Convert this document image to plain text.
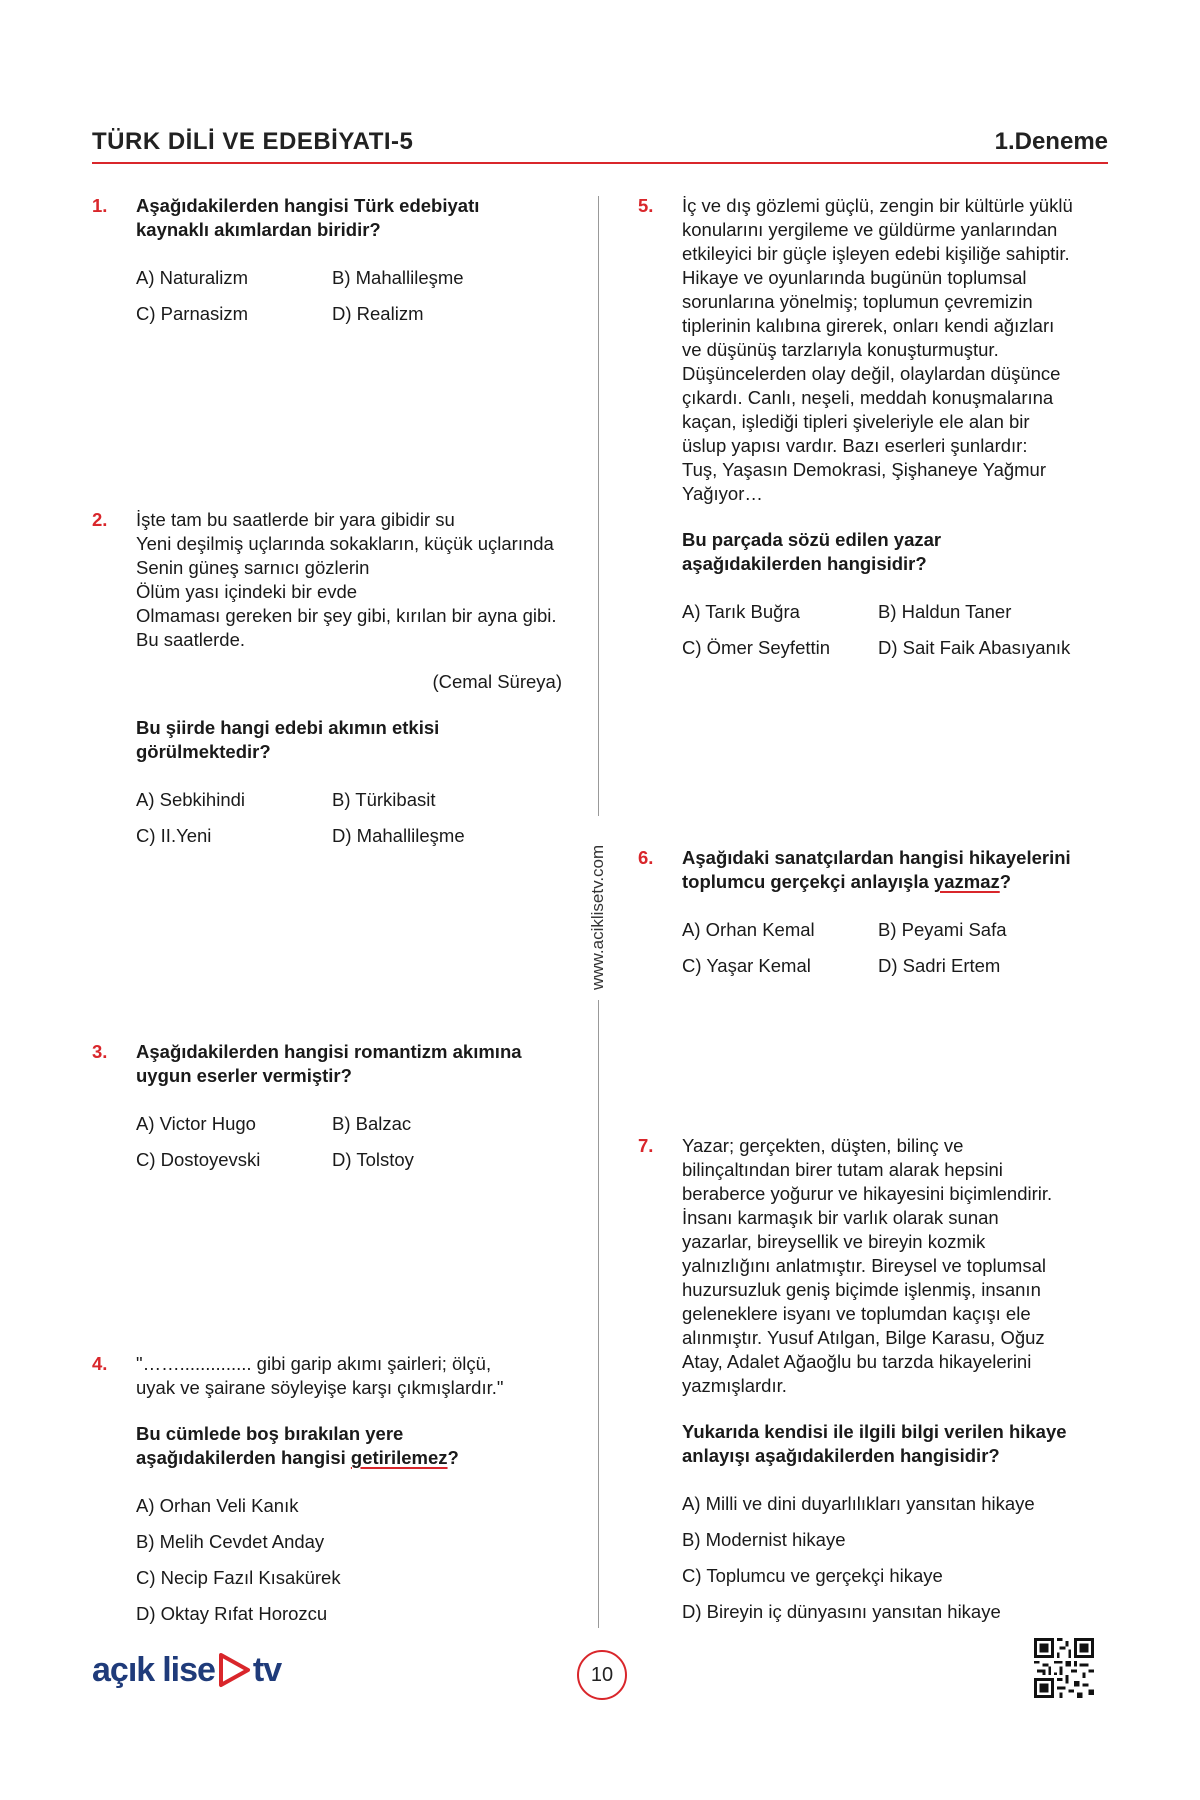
TÜRK DİLİ VE EDEBİYATI-5	1.Deneme
www.aciklisetv.com
1. Aşağıdakilerden hangisi Türk edebiyatı
kaynaklı akımlardan biridir?
A) Naturalizm	B) Mahallileşme
C) Parnasizm	D) Realizm
2. İşte tam bu saatlerde bir yara gibidir su
Yeni deşilmiş uçlarında sokakların, küçük uçlarında
Senin güneş sarnıcı gözlerin
Ölüm yası içindeki bir evde
Olmaması gereken bir şey gibi, kırılan bir ayna gibi.
Bu saatlerde.
(Cemal Süreya)
Bu şiirde hangi edebi akımın etkisi
görülmektedir?
A) Sebkihindi	B) Türkibasit
C) II.Yeni	D) Mahallileşme
3. Aşağıdakilerden hangisi romantizm akımına
uygun eserler vermiştir?
A) Victor Hugo	B) Balzac
C) Dostoyevski	D) Tolstoy
4. "…….............. gibi garip akımı şairleri; ölçü,
uyak ve şairane söyleyişe karşı çıkmışlardır."
Bu cümlede boş bırakılan yere
aşağıdakilerden hangisi getirilemez?
A) Orhan Veli Kanık
B) Melih Cevdet Anday
C) Necip Fazıl Kısakürek
D) Oktay Rıfat Horozcu
5. İç ve dış gözlemi güçlü, zengin bir kültürle yüklü
konularını yergileme ve güldürme yanlarından
etkileyici bir güçle işleyen edebi kişiliğe sahiptir.
Hikaye ve oyunlarında bugünün toplumsal
sorunlarına yönelmiş; toplumun çevremizin
tiplerinin kalıbına girerek, onları kendi ağızları
ve düşünüş tarzlarıyla konuşturmuştur.
Düşüncelerden olay değil, olaylardan düşünce
çıkardı. Canlı, neşeli, meddah konuşmalarına
kaçan, işlediği tipleri şiveleriyle ele alan bir
üslup yapısı vardır. Bazı eserleri şunlardır:
Tuş, Yaşasın Demokrasi, Şişhaneye Yağmur
Yağıyor…
Bu parçada sözü edilen yazar
aşağıdakilerden hangisidir?
A) Tarık Buğra	B) Haldun Taner
C) Ömer Seyfettin	D) Sait Faik Abasıyanık
6. Aşağıdaki sanatçılardan hangisi hikayelerini
toplumcu gerçekçi anlayışla yazmaz?
A) Orhan Kemal	B) Peyami Safa
C) Yaşar Kemal	D) Sadri Ertem
7. Yazar; gerçekten, düşten, bilinç ve
bilinçaltından birer tutam alarak hepsini
beraberce yoğurur ve hikayesini biçimlendirir.
İnsanı karmaşık bir varlık olarak sunan
yazarlar, bireysellik ve bireyin kozmik
yalnızlığını anlatmıştır. Bireysel ve toplumsal
huzursuzluk geniş biçimde işlenmiş, insanın
geleneklere isyanı ve toplumdan kaçışı ele
alınmıştır. Yusuf Atılgan, Bilge Karasu, Oğuz
Atay, Adalet Ağaoğlu bu tarzda hikayelerini
yazmışlardır.
Yukarıda kendisi ile ilgili bilgi verilen hikaye
anlayışı aşağıdakilerden hangisidir?
A) Milli ve dini duyarlılıkları yansıtan hikaye
B) Modernist hikaye
C) Toplumcu ve gerçekçi hikaye
D) Bireyin iç dünyasını yansıtan hikaye
açık lise tv	10
